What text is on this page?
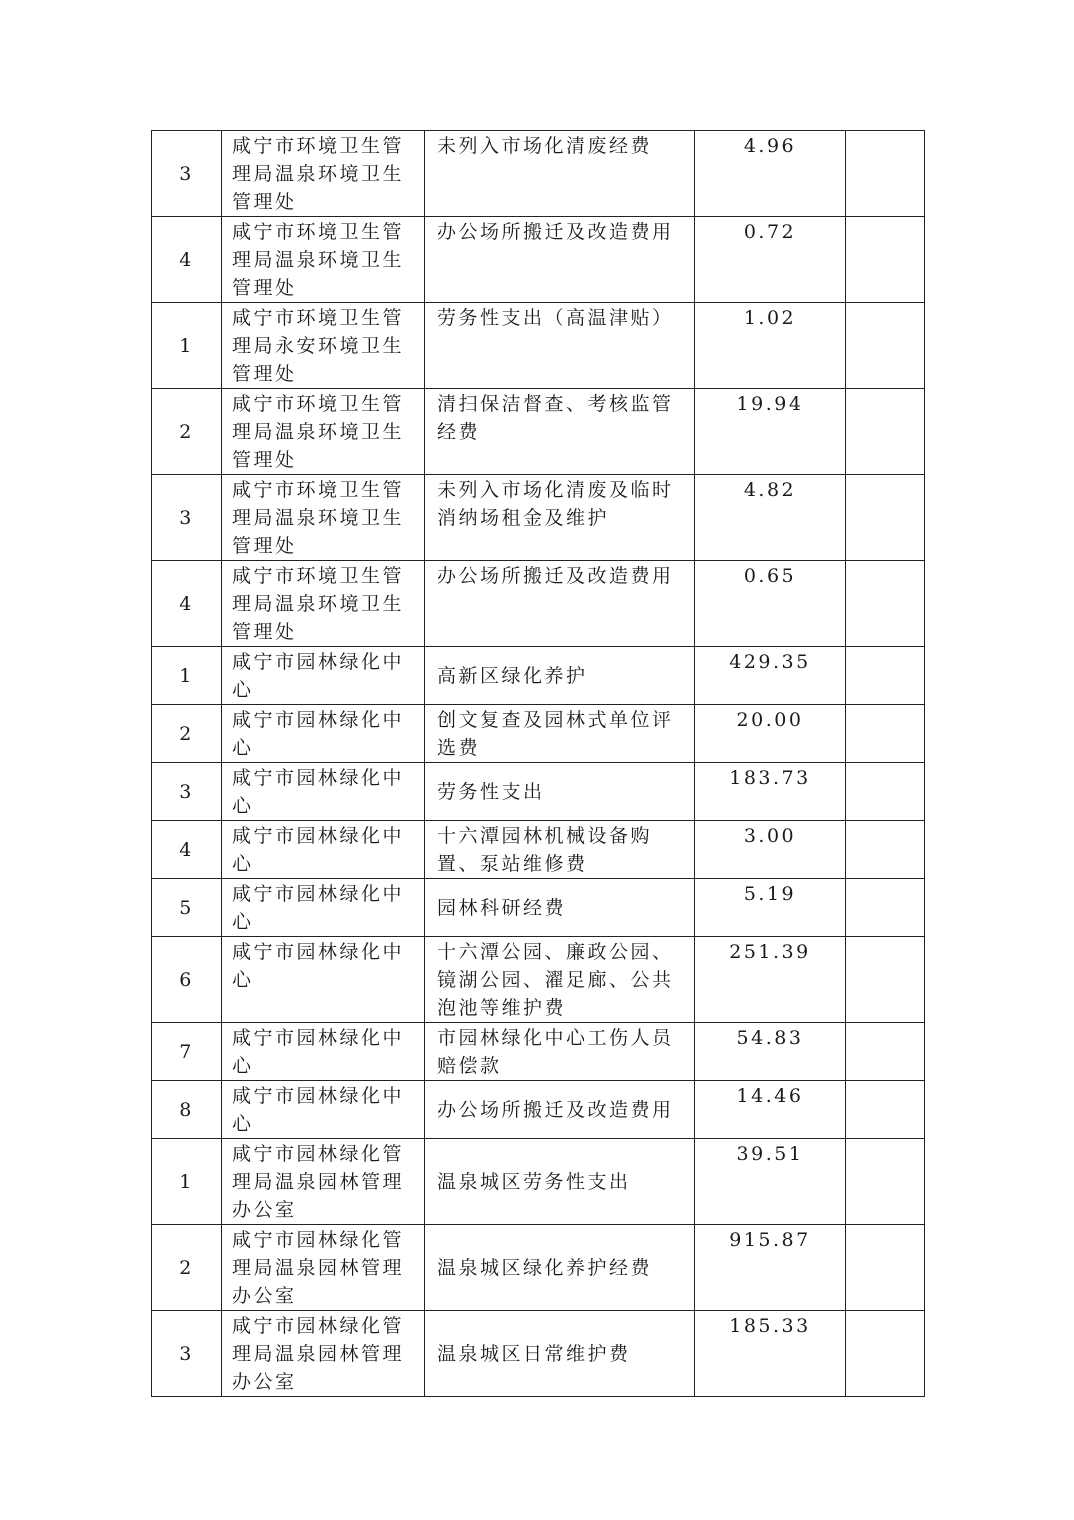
3	咸宁市环境卫生管理局温泉环境卫生管理处	未列入市场化清废经费	4.96	
4	咸宁市环境卫生管理局温泉环境卫生管理处	办公场所搬迁及改造费用	0.72	
1	咸宁市环境卫生管理局永安环境卫生管理处	劳务性支出（高温津贴）	1.02	
2	咸宁市环境卫生管理局温泉环境卫生管理处	清扫保洁督查、考核监管经费	19.94	
3	咸宁市环境卫生管理局温泉环境卫生管理处	未列入市场化清废及临时消纳场租金及维护	4.82	
4	咸宁市环境卫生管理局温泉环境卫生管理处	办公场所搬迁及改造费用	0.65	
1	咸宁市园林绿化中心	高新区绿化养护	429.35	
2	咸宁市园林绿化中心	创文复查及园林式单位评选费	20.00	
3	咸宁市园林绿化中心	劳务性支出	183.73	
4	咸宁市园林绿化中心	十六潭园林机械设备购置、泵站维修费	3.00	
5	咸宁市园林绿化中心	园林科研经费	5.19	
6	咸宁市园林绿化中心	十六潭公园、廉政公园、镜湖公园、濯足廊、公共泡池等维护费	251.39	
7	咸宁市园林绿化中心	市园林绿化中心工伤人员赔偿款	54.83	
8	咸宁市园林绿化中心	办公场所搬迁及改造费用	14.46	
1	咸宁市园林绿化管理局温泉园林管理办公室	温泉城区劳务性支出	39.51	
2	咸宁市园林绿化管理局温泉园林管理办公室	温泉城区绿化养护经费	915.87	
3	咸宁市园林绿化管理局温泉园林管理办公室	温泉城区日常维护费	185.33	
